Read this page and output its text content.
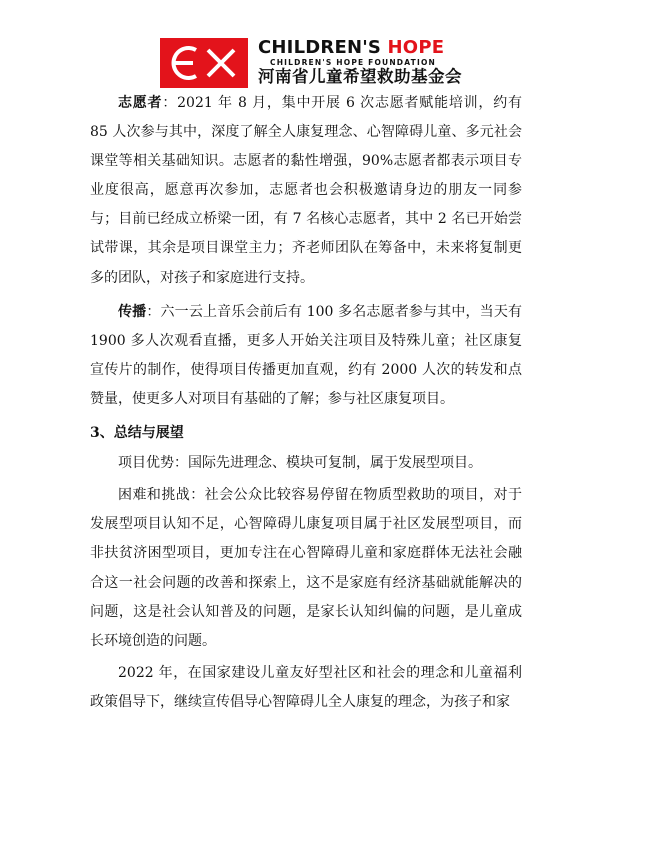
CHILDREN'S HOPE
CHILDREN'S HOPE FOUNDATION
河南省儿童希望救助基金会

志愿者：2021 年 8 月，集中开展 6 次志愿者赋能培训，约有 85 人次参与其中，深度了解全人康复理念、心智障碍儿童、多元社会课堂等相关基础知识。志愿者的黏性增强，90%志愿者都表示项目专业度很高，愿意再次参加，志愿者也会积极邀请身边的朋友一同参与；目前已经成立桥梁一团，有 7 名核心志愿者，其中 2 名已开始尝试带课，其余是项目课堂主力；齐老师团队在筹备中，未来将复制更多的团队，对孩子和家庭进行支持。

传播：六一云上音乐会前后有 100 多名志愿者参与其中，当天有 1900 多人次观看直播，更多人开始关注项目及特殊儿童；社区康复宣传片的制作，使得项目传播更加直观，约有 2000 人次的转发和点赞量，使更多人对项目有基础的了解；参与社区康复项目。

3、总结与展望

项目优势：国际先进理念、模块可复制，属于发展型项目。

困难和挑战：社会公众比较容易停留在物质型救助的项目，对于发展型项目认知不足，心智障碍儿康复项目属于社区发展型项目，而非扶贫济困型项目，更加专注在心智障碍儿童和家庭群体无法社会融合这一社会问题的改善和探索上，这不是家庭有经济基础就能解决的问题，这是社会认知普及的问题，是家长认知纠偏的问题，是儿童成长环境创造的问题。

2022 年，在国家建设儿童友好型社区和社会的理念和儿童福利政策倡导下，继续宣传倡导心智障碍儿全人康复的理念，为孩子和家
